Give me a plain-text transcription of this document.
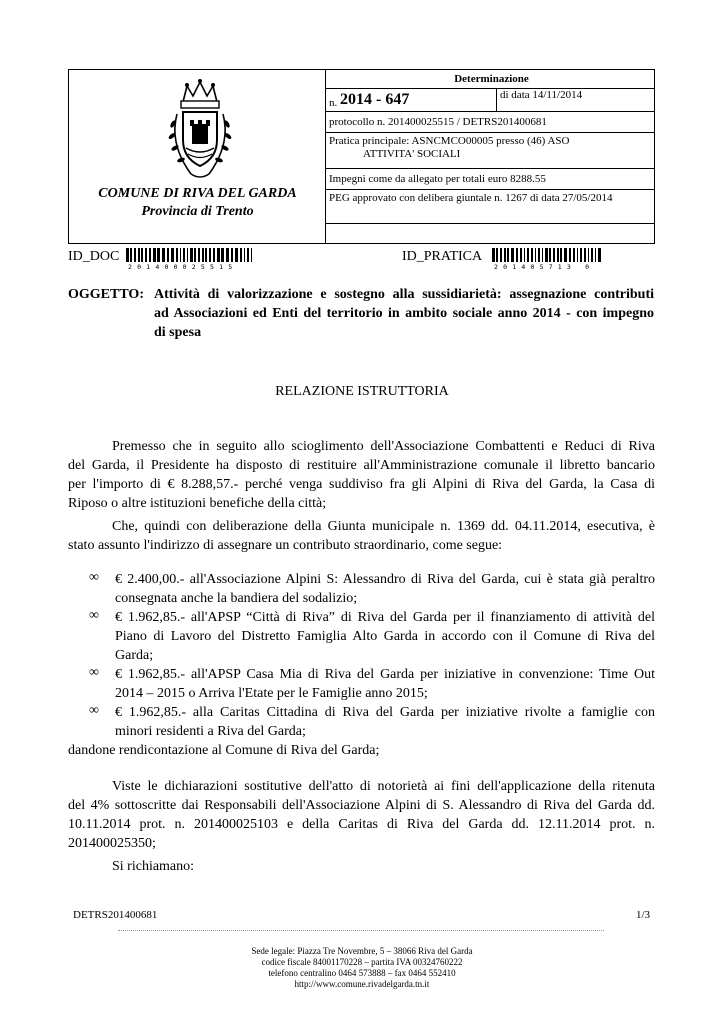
COMUNE DI RIVA DEL GARDA
Provincia di Trento
Determinazione
n. 2014 - 647	di data 14/11/2014
protocollo n. 201400025515 / DETRS201400681
Pratica principale: ASNCMCO00005 presso (46) ASO
ATTIVITA' SOCIALI
Impegni come da allegato per totali euro 8288.55
PEG approvato con delibera giuntale n. 1267 di data 27/05/2014
ID_DOC
201400025515
ID_PRATICA
201405713 0
OGGETTO: Attività di valorizzazione e sostegno alla sussidiarietà: assegnazione contributi
ad Associazioni ed Enti del territorio in ambito sociale anno 2014 - con impegno
di spesa
RELAZIONE ISTRUTTORIA
Premesso che in seguito allo scioglimento dell'Associazione Combattenti e Reduci di Riva
del Garda, il Presidente ha disposto di restituire all'Amministrazione comunale il libretto bancario
per l'importo di € 8.288,57.- perché venga suddiviso fra gli Alpini di Riva del Garda, la Casa di
Riposo o altre istituzioni benefiche della città;
Che, quindi con deliberazione della Giunta municipale n. 1369 dd. 04.11.2014, esecutiva, è
stato assunto l'indirizzo di assegnare un contributo straordinario, come segue:
∞ € 2.400,00.- all'Associazione Alpini S: Alessandro di Riva del Garda, cui è stata già peraltro
consegnata anche la bandiera del sodalizio;
∞ € 1.962,85.- all'APSP “Città di Riva” di Riva del Garda per il finanziamento di attività del
Piano di Lavoro del Distretto Famiglia Alto Garda in accordo con il Comune di Riva del
Garda;
∞ € 1.962,85.- all'APSP Casa Mia di Riva del Garda per iniziative in convenzione: Time Out
2014 – 2015 o Arriva l'Etate per le Famiglie anno 2015;
∞ € 1.962,85.- alla Caritas Cittadina di Riva del Garda per iniziative rivolte a famiglie con
minori residenti a Riva del Garda;
dandone rendicontazione al Comune di Riva del Garda;
Viste le dichiarazioni sostitutive dell'atto di notorietà ai fini dell'applicazione della ritenuta
del 4% sottoscritte dai Responsabili dell'Associazione Alpini di S. Alessandro di Riva del Garda dd.
10.11.2014 prot. n. 201400025103 e della Caritas di Riva del Garda dd. 12.11.2014 prot. n.
201400025350;
Si richiamano:
DETRS201400681	1/3
Sede legale: Piazza Tre Novembre, 5 – 38066 Riva del Garda
codice fiscale 84001170228 – partita IVA 00324760222
telefono centralino 0464 573888 – fax 0464 552410
http://www.comune.rivadelgarda.tn.it
